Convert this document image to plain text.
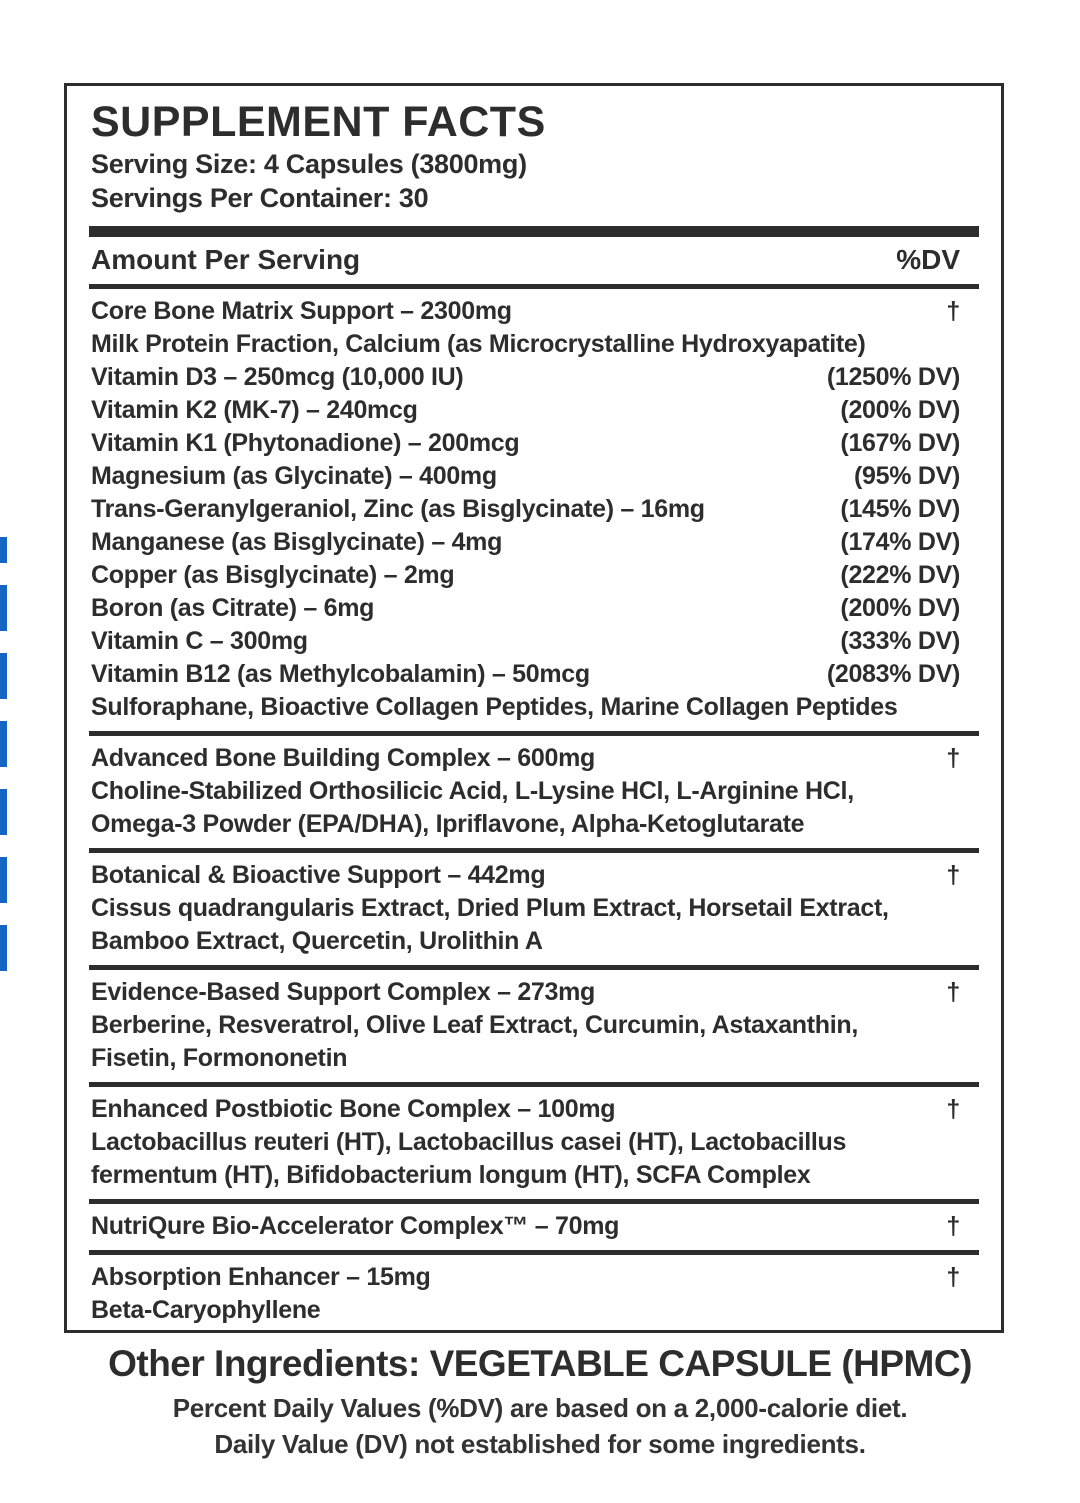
SUPPLEMENT FACTS
Serving Size: 4 Capsules (3800mg)
Servings Per Container: 30
Amount Per Serving	%DV
Core Bone Matrix Support – 2300mg	†
Milk Protein Fraction, Calcium (as Microcrystalline Hydroxyapatite)
Vitamin D3 – 250mcg (10,000 IU)	(1250% DV)
Vitamin K2 (MK-7) – 240mcg	(200% DV)
Vitamin K1 (Phytonadione) – 200mcg	(167% DV)
Magnesium (as Glycinate) – 400mg	(95% DV)
Trans-Geranylgeraniol, Zinc (as Bisglycinate) – 16mg	(145% DV)
Manganese (as Bisglycinate) – 4mg	(174% DV)
Copper (as Bisglycinate) – 2mg	(222% DV)
Boron (as Citrate) – 6mg	(200% DV)
Vitamin C – 300mg	(333% DV)
Vitamin B12 (as Methylcobalamin) – 50mcg	(2083% DV)
Sulforaphane, Bioactive Collagen Peptides, Marine Collagen Peptides
Advanced Bone Building Complex – 600mg	†
Choline-Stabilized Orthosilicic Acid, L-Lysine HCl, L-Arginine HCl,
Omega-3 Powder (EPA/DHA), Ipriflavone, Alpha-Ketoglutarate
Botanical & Bioactive Support – 442mg	†
Cissus quadrangularis Extract, Dried Plum Extract, Horsetail Extract,
Bamboo Extract, Quercetin, Urolithin A
Evidence-Based Support Complex – 273mg	†
Berberine, Resveratrol, Olive Leaf Extract, Curcumin, Astaxanthin,
Fisetin, Formononetin
Enhanced Postbiotic Bone Complex – 100mg	†
Lactobacillus reuteri (HT), Lactobacillus casei (HT), Lactobacillus
fermentum (HT), Bifidobacterium longum (HT), SCFA Complex
NutriQure Bio-Accelerator Complex™ – 70mg	†
Absorption Enhancer – 15mg	†
Beta-Caryophyllene
Other Ingredients: VEGETABLE CAPSULE (HPMC)
Percent Daily Values (%DV) are based on a 2,000-calorie diet.
Daily Value (DV) not established for some ingredients.
